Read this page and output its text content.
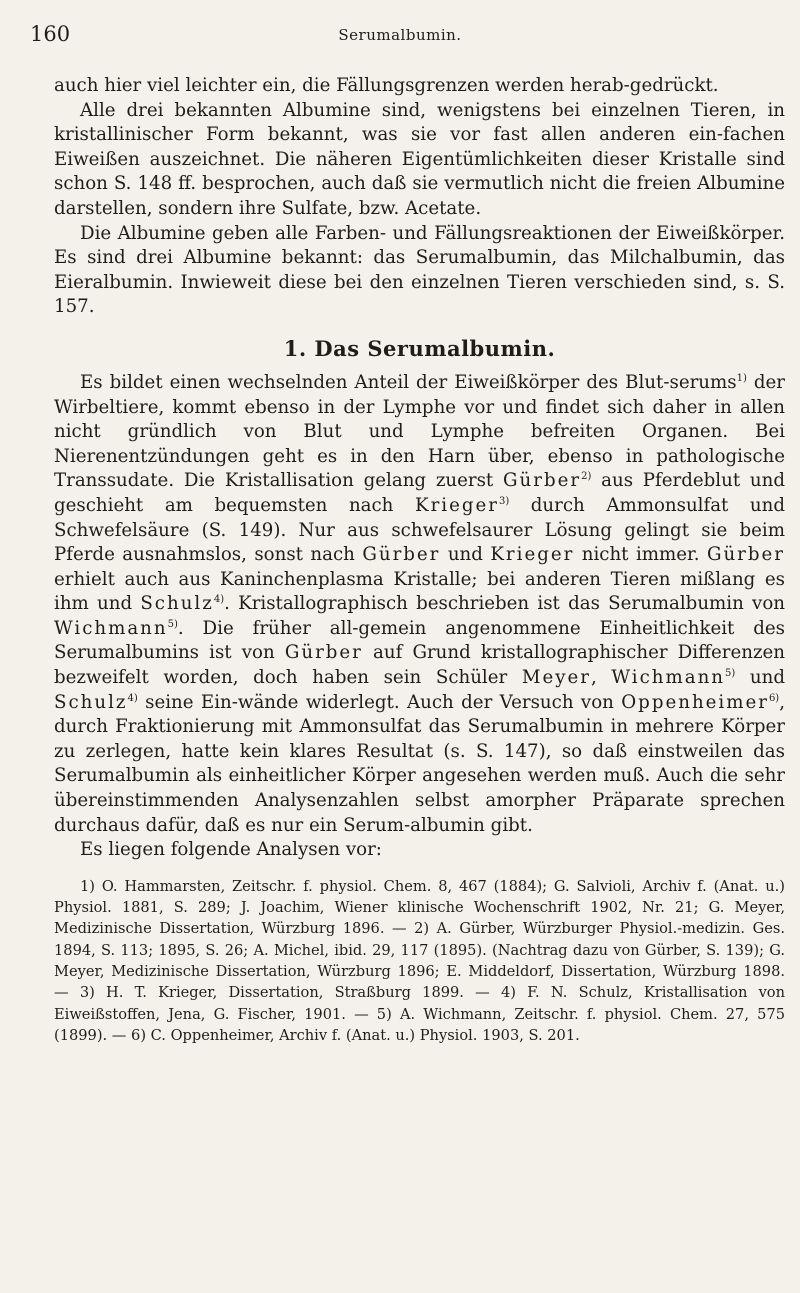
160	Serumalbumin.

auch hier viel leichter ein, die Fällungsgrenzen werden herab-gedrückt.

Alle drei bekannten Albumine sind, wenigstens bei einzelnen Tieren, in kristallinischer Form bekannt, was sie vor fast allen anderen ein-fachen Eiweißen auszeichnet. Die näheren Eigentümlichkeiten dieser Kristalle sind schon S. 148 ff. besprochen, auch daß sie vermutlich nicht die freien Albumine darstellen, sondern ihre Sulfate, bzw. Acetate.

Die Albumine geben alle Farben- und Fällungsreaktionen der Eiweißkörper. Es sind drei Albumine bekannt: das Serumalbumin, das Milchalbumin, das Eieralbumin. Inwieweit diese bei den einzelnen Tieren verschieden sind, s. S. 157.

1. Das Serumalbumin.

Es bildet einen wechselnden Anteil der Eiweißkörper des Blut-serums$^{1)}$ der Wirbeltiere, kommt ebenso in der Lymphe vor und findet sich daher in allen nicht gründlich von Blut und Lymphe befreiten Organen. Bei Nierenentzündungen geht es in den Harn über, ebenso in pathologische Transsudate. Die Kristallisation gelang zuerst Gürber$^{2)}$ aus Pferdeblut und geschieht am bequemsten nach Krieger$^{3)}$ durch Ammonsulfat und Schwefelsäure (S. 149). Nur aus schwefelsaurer Lösung gelingt sie beim Pferde ausnahmslos, sonst nach Gürber und Krieger nicht immer. Gürber erhielt auch aus Kaninchenplasma Kristalle; bei anderen Tieren mißlang es ihm und Schulz$^{4)}$. Kristallographisch beschrieben ist das Serumalbumin von Wichmann$^{5)}$. Die früher all-gemein angenommene Einheitlichkeit des Serumalbumins ist von Gürber auf Grund kristallographischer Differenzen bezweifelt worden, doch haben sein Schüler Meyer, Wichmann$^{5)}$ und Schulz$^{4)}$ seine Ein-wände widerlegt. Auch der Versuch von Oppenheimer$^{6)}$, durch Fraktionierung mit Ammonsulfat das Serumalbumin in mehrere Körper zu zerlegen, hatte kein klares Resultat (s. S. 147), so daß einstweilen das Serumalbumin als einheitlicher Körper angesehen werden muß. Auch die sehr übereinstimmenden Analysenzahlen selbst amorpher Präparate sprechen durchaus dafür, daß es nur ein Serum-albumin gibt.

Es liegen folgende Analysen vor:

1) O. Hammarsten, Zeitschr. f. physiol. Chem. 8, 467 (1884); G. Salvioli, Archiv f. (Anat. u.) Physiol. 1881, S. 289; J. Joachim, Wiener klinische Wochenschrift 1902, Nr. 21; G. Meyer, Medizinische Dissertation, Würzburg 1896. — 2) A. Gürber, Würzburger Physiol.-medizin. Ges. 1894, S. 113; 1895, S. 26; A. Michel, ibid. 29, 117 (1895). (Nachtrag dazu von Gürber, S. 139); G. Meyer, Medizinische Dissertation, Würzburg 1896; E. Middeldorf, Dissertation, Würzburg 1898. — 3) H. T. Krieger, Dissertation, Straßburg 1899. — 4) F. N. Schulz, Kristallisation von Eiweißstoffen, Jena, G. Fischer, 1901. — 5) A. Wichmann, Zeitschr. f. physiol. Chem. 27, 575 (1899). — 6) C. Oppenheimer, Archiv f. (Anat. u.) Physiol. 1903, S. 201.
